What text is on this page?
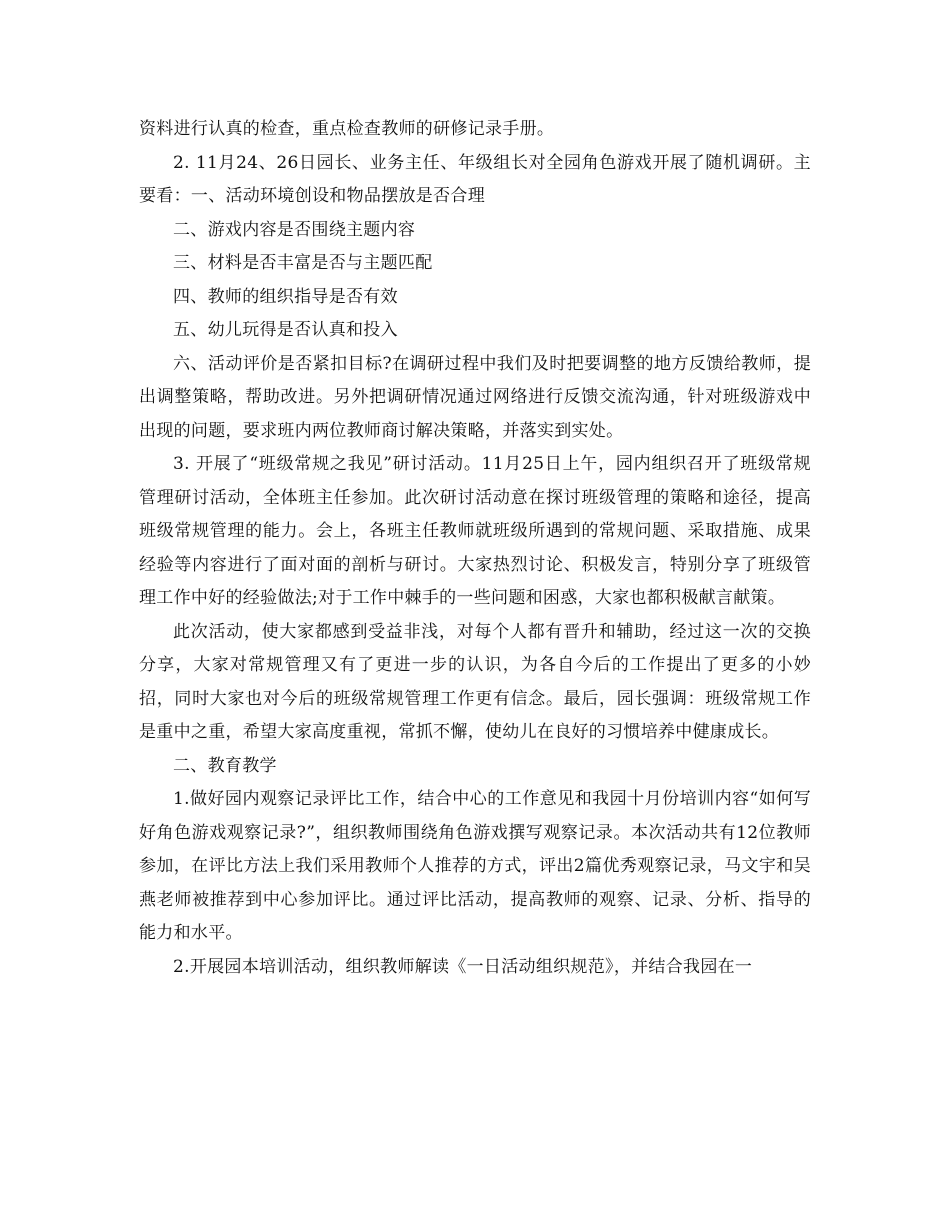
资料进行认真的检查，重点检查教师的研修记录手册。

2. 11月24、26日园长、业务主任、年级组长对全园角色游戏开展了随机调研。主要看：一、活动环境创设和物品摆放是否合理

二、游戏内容是否围绕主题内容

三、材料是否丰富是否与主题匹配

四、教师的组织指导是否有效

五、幼儿玩得是否认真和投入

六、活动评价是否紧扣目标?在调研过程中我们及时把要调整的地方反馈给教师，提出调整策略，帮助改进。另外把调研情况通过网络进行反馈交流沟通，针对班级游戏中出现的问题，要求班内两位教师商讨解决策略，并落实到实处。

3. 开展了“班级常规之我见”研讨活动。11月25日上午，园内组织召开了班级常规管理研讨活动，全体班主任参加。此次研讨活动意在探讨班级管理的策略和途径，提高班级常规管理的能力。会上，各班主任教师就班级所遇到的常规问题、采取措施、成果经验等内容进行了面对面的剖析与研讨。大家热烈讨论、积极发言，特别分享了班级管理工作中好的经验做法;对于工作中棘手的一些问题和困惑，大家也都积极献言献策。

此次活动，使大家都感到受益非浅，对每个人都有晋升和辅助，经过这一次的交换分享，大家对常规管理又有了更进一步的认识，为各自今后的工作提出了更多的小妙招，同时大家也对今后的班级常规管理工作更有信念。最后，园长强调：班级常规工作是重中之重，希望大家高度重视，常抓不懈，使幼儿在良好的习惯培养中健康成长。

二、教育教学

1.做好园内观察记录评比工作，结合中心的工作意见和我园十月份培训内容“如何写好角色游戏观察记录?”，组织教师围绕角色游戏撰写观察记录。本次活动共有12位教师参加，在评比方法上我们采用教师个人推荐的方式，评出2篇优秀观察记录，马文宇和吴燕老师被推荐到中心参加评比。通过评比活动，提高教师的观察、记录、分析、指导的能力和水平。

2.开展园本培训活动，组织教师解读《一日活动组织规范》，并结合我园在一
